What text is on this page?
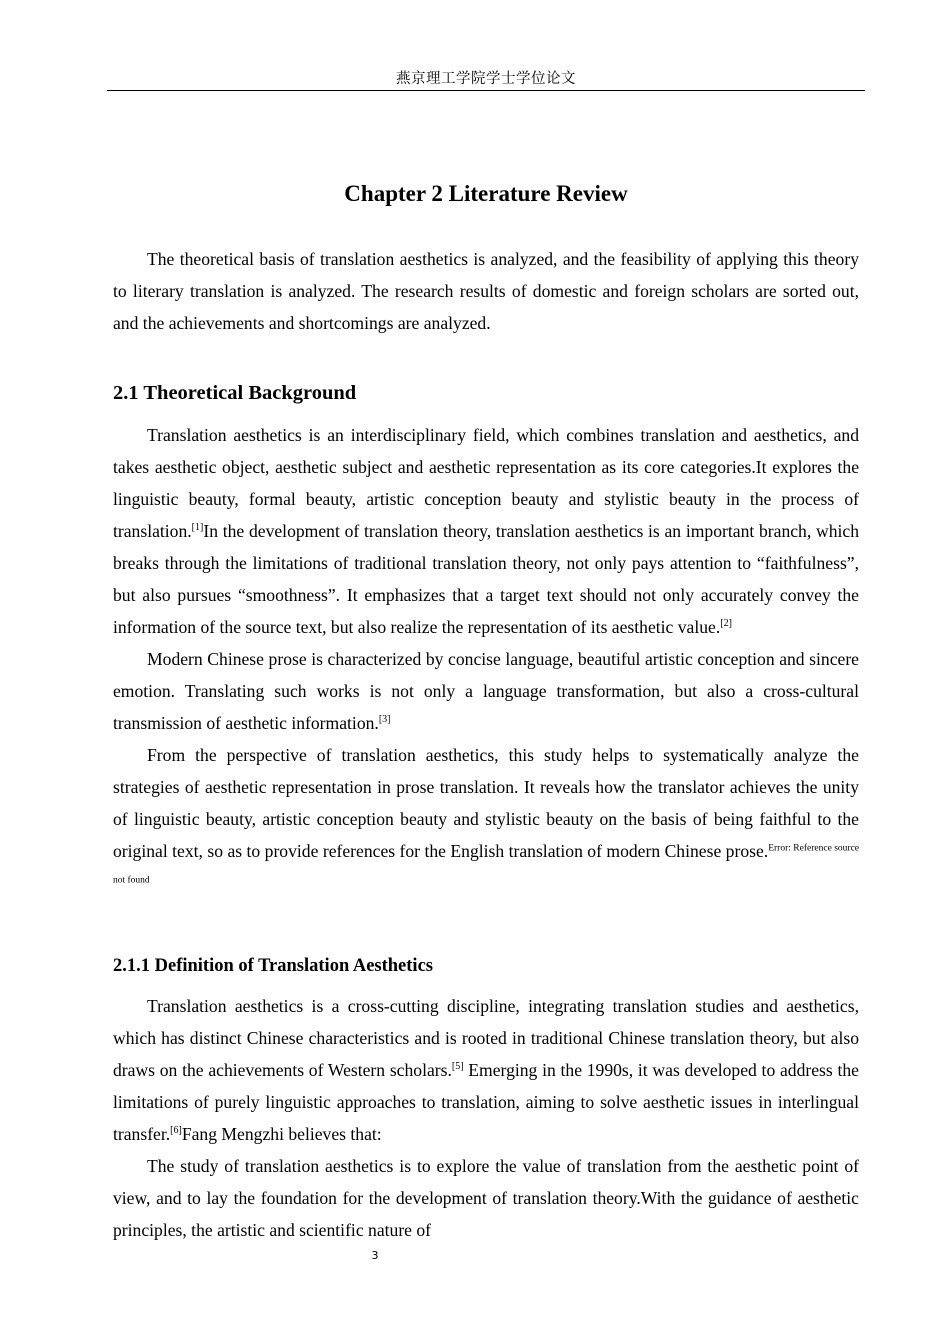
燕京理工学院学士学位论文
Chapter 2 Literature Review

The theoretical basis of translation aesthetics is analyzed, and the feasibility of applying this theory to literary translation is analyzed. The research results of domestic and foreign scholars are sorted out, and the achievements and shortcomings are analyzed.

2.1 Theoretical Background

Translation aesthetics is an interdisciplinary field, which combines translation and aesthetics, and takes aesthetic object, aesthetic subject and aesthetic representation as its core categories.It explores the linguistic beauty, formal beauty, artistic conception beauty and stylistic beauty in the process of translation.[1]In the development of translation theory, translation aesthetics is an important branch, which breaks through the limitations of traditional translation theory, not only pays attention to “faithfulness”, but also pursues “smoothness”. It emphasizes that a target text should not only accurately convey the information of the source text, but also realize the representation of its aesthetic value.[2]

Modern Chinese prose is characterized by concise language, beautiful artistic conception and sincere emotion. Translating such works is not only a language transformation, but also a cross-cultural transmission of aesthetic information.[3]

From the perspective of translation aesthetics, this study helps to systematically analyze the strategies of aesthetic representation in prose translation. It reveals how the translator achieves the unity of linguistic beauty, artistic conception beauty and stylistic beauty on the basis of being faithful to the original text, so as to provide references for the English translation of modern Chinese prose.$^{Error: Reference source not found}$

2.1.1 Definition of Translation Aesthetics

Translation aesthetics is a cross-cutting discipline, integrating translation studies and aesthetics, which has distinct Chinese characteristics and is rooted in traditional Chinese translation theory, but also draws on the achievements of Western scholars.[5] Emerging in the 1990s, it was developed to address the limitations of purely linguistic approaches to translation, aiming to solve aesthetic issues in interlingual transfer.[6]Fang Mengzhi believes that:

The study of translation aesthetics is to explore the value of translation from the aesthetic point of view, and to lay the foundation for the development of translation theory.With the guidance of aesthetic principles, the artistic and scientific nature of

3
